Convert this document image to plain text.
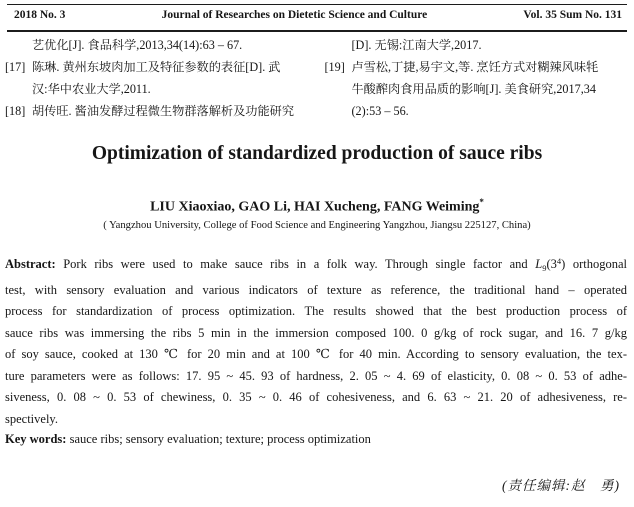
2018 No. 3	Journal of Researches on Dietetic Science and Culture	Vol. 35 Sum No. 131
艺优化[J]. 食品科学,2013,34(14):63 – 67.
[17] 陈琳. 黄州东坡肉加工及特征参数的表征[D]. 武
汉:华中农业大学,2011.
[18] 胡传旺. 酱油发酵过程微生物群落解析及功能研究
[D]. 无锡:江南大学,2017.
[19] 卢雪松,丁捷,易宇文,等. 烹饪方式对糊辣风味牦
牛酸醡肉食用品质的影响[J]. 美食研究,2017,34
(2):53 – 56.
Optimization of standardized production of sauce ribs
LIU Xiaoxiao, GAO Li, HAI Xucheng, FANG Weiming*
( Yangzhou University, College of Food Science and Engineering Yangzhou, Jiangsu 225127, China)
Abstract: Pork ribs were used to make sauce ribs in a folk way. Through single factor and $L_9(3^4)$ orthogonal
test, with sensory evaluation and various indicators of texture as reference, the traditional hand – operated
process for standardization of process optimization. The results showed that the best production process of
sauce ribs was immersing the ribs 5 min in the immersion composed 100. 0 g/kg of rock sugar, and 16. 7 g/kg
of soy sauce, cooked at 130 ℃ for 20 min and at 100 ℃ for 40 min. According to sensory evaluation, the tex-
ture parameters were as follows: 17. 95 ~ 45. 93 of hardness, 2. 05 ~ 4. 69 of elasticity, 0. 08 ~ 0. 53 of adhe-
siveness, 0. 08 ~ 0. 53 of chewiness, 0. 35 ~ 0. 46 of cohesiveness, and 6. 63 ~ 21. 20 of adhesiveness, re-
spectively.
Key words: sauce ribs; sensory evaluation; texture; process optimization
(责任编辑:赵　勇)
